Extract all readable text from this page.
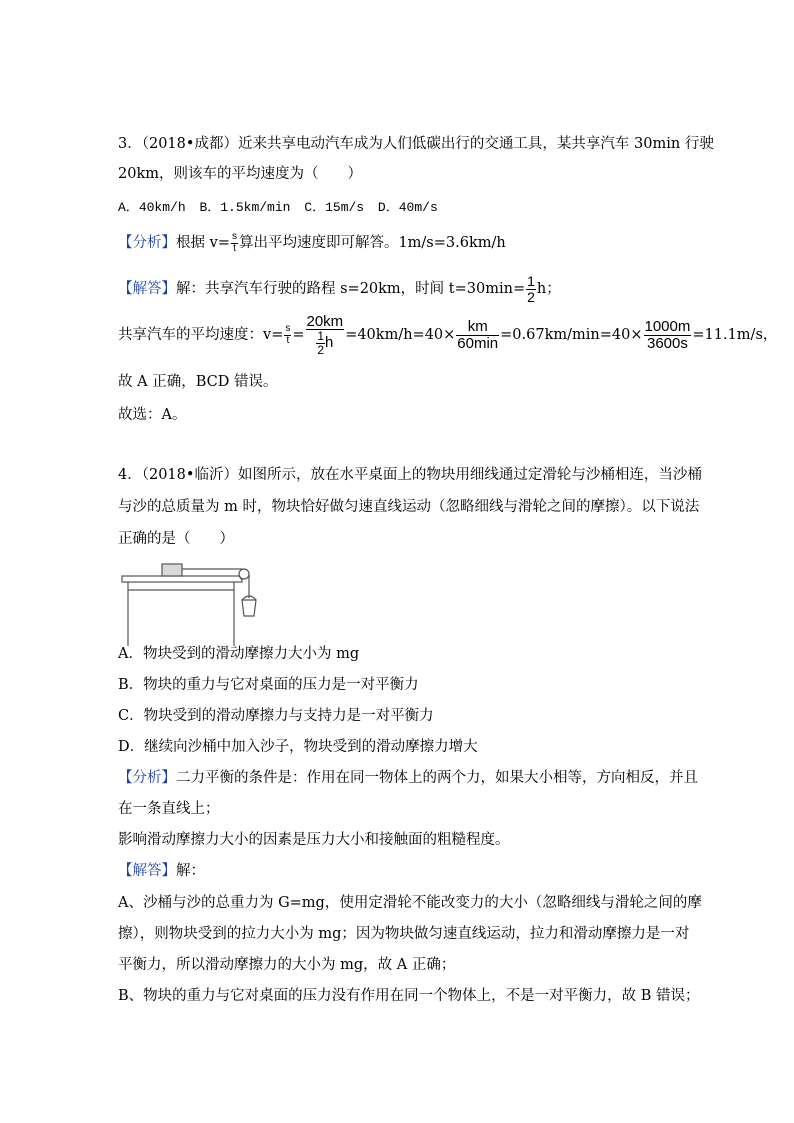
3．（2018•成都）近来共享电动汽车成为人们低碳出行的交通工具，某共享汽车 30min 行驶
20km，则该车的平均速度为（　　）
A．40km/h B．1.5km/min C．15m/s D．40m/s
【分析】根据 $v= \frac{s}{t}$ 算出平均速度即可解答。1m/s=3.6km/h
【解答】解：共享汽车行驶的路程 s=20km，时间 $t=30\min= \frac{1}{2}$ h；
共享汽车的平均速度：$v= \frac{s}{t} = \frac{20km}{\frac{1}{2} h} =40km/h=40\times \frac{km}{60\min} =0.67km/\min=40\times \frac{1000m}{3600s} =11.1m/s$，
故 A 正确，BCD 错误。
故选：A。
4．（2018•临沂）如图所示，放在水平桌面上的物块用细线通过定滑轮与沙桶相连，当沙桶
与沙的总质量为 m 时，物块恰好做匀速直线运动（忽略细线与滑轮之间的摩擦）。以下说法
正确的是（　　）
A．物块受到的滑动摩擦力大小为 mg
B．物块的重力与它对桌面的压力是一对平衡力
C．物块受到的滑动摩擦力与支持力是一对平衡力
D．继续向沙桶中加入沙子，物块受到的滑动摩擦力增大
【分析】二力平衡的条件是：作用在同一物体上的两个力，如果大小相等，方向相反，并且
在一条直线上；
影响滑动摩擦力大小的因素是压力大小和接触面的粗糙程度。
【解答】解：
A、沙桶与沙的总重力为 G=mg，使用定滑轮不能改变力的大小（忽略细线与滑轮之间的摩
擦），则物块受到的拉力大小为 mg；因为物块做匀速直线运动，拉力和滑动摩擦力是一对
平衡力，所以滑动摩擦力的大小为 mg，故 A 正确；
B、物块的重力与它对桌面的压力没有作用在同一个物体上，不是一对平衡力，故 B 错误；
